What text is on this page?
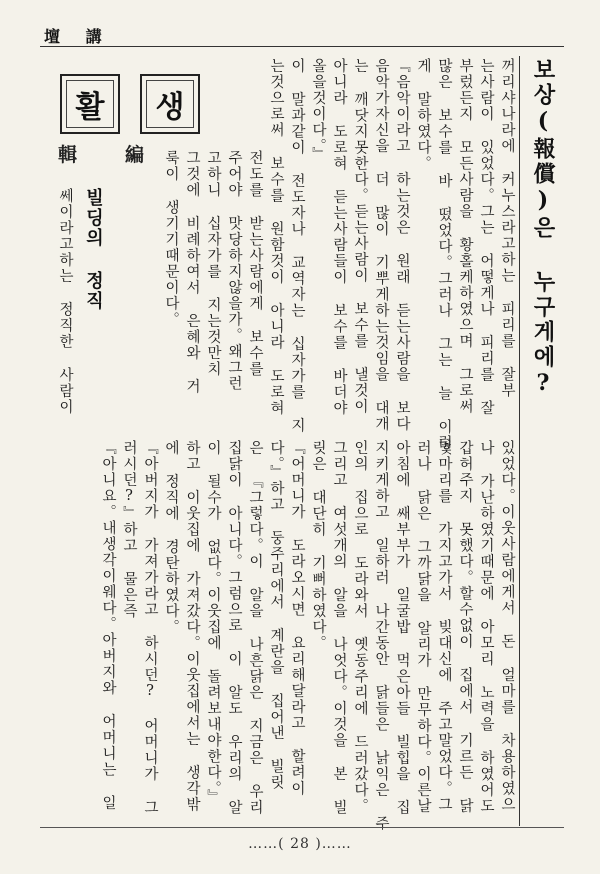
壇 講
보상(報償)은 누구게에?
활 생
輯編
빌딩의 정직	꺼리샤나라에 커누스라고하는 피리를 잘부
는사람이 있었다。그는 어떻게나 피리를 잘
부렀든지 모든사람을 황홀케하였으며 그로써
많은 보수를 바 떴었다。그러나 그는 늘 이렇
게 말하였다。
『음악이라고 하는것은 원래 듣는사람을 보다
음악가자신을 더 많이 기뿌게하는것임을 대개
는 깨닷지못한다。듣는사람이 보수를 낼것이
아니라 도로혀 듣는사람들이 보수를 바더야
올을것이다。』
이 말과같이 전도자나 교역자는 십자가를 지
는것으로써 보수를 원함것이 아니라 도로혀
전도를 받는사람에게 보수를
주어야 맛당하지않을가。왜그런
고하니 십자가를 지는것만치
그것에 비례하여서 은혜와 거
룩이 생기기때문이다。
쎄이라고하는 정직한 사람이
있었다。이웃사람에게서 돈 얼마를 차용하였으
나 가난하였기때문에 아모리 노력을 하였어도
갑허주지 못했다。할수없이 집에서 기르든 닭
몇마리를 가지고가서 빚대신에 주고말었다。그
러나 닭은 그까닭을 알리가 만무하다。이른날
아침에 쌔부부가 일굴밥 먹은아들 빌힙을 집
지키게하고 일하러 나간동안 닭들은 낡익은 주
인의 집으로 도라와서 옛동주리에 드러갔다。
그리고 여섯개의 알을 나엇다。이것을 본 빌
릿은 대단히 기뻐하였다。
『어머니가 도라오시면 요리해달라고 할려이
다。』하고 둥주리에서 계란을 집어낸 빌릿
은 『그렇다。이 알을 나흔닭은 지금은 우리
집닭이 아니다。그럼으로 이 알도 우리의 알
이 될수가 없다。이웃집에 돌려보내야한다。』
하고 이웃집에 가져갔다。이웃집에서는 생각밖
에 정직에 경탄하였다。
『아버지가 가져가라고 하시던? 어머니가 그
러시던?』하고 물은즉
『아니요。내생각이웨다。아버지와 어머니는 일
……( 28 )……
